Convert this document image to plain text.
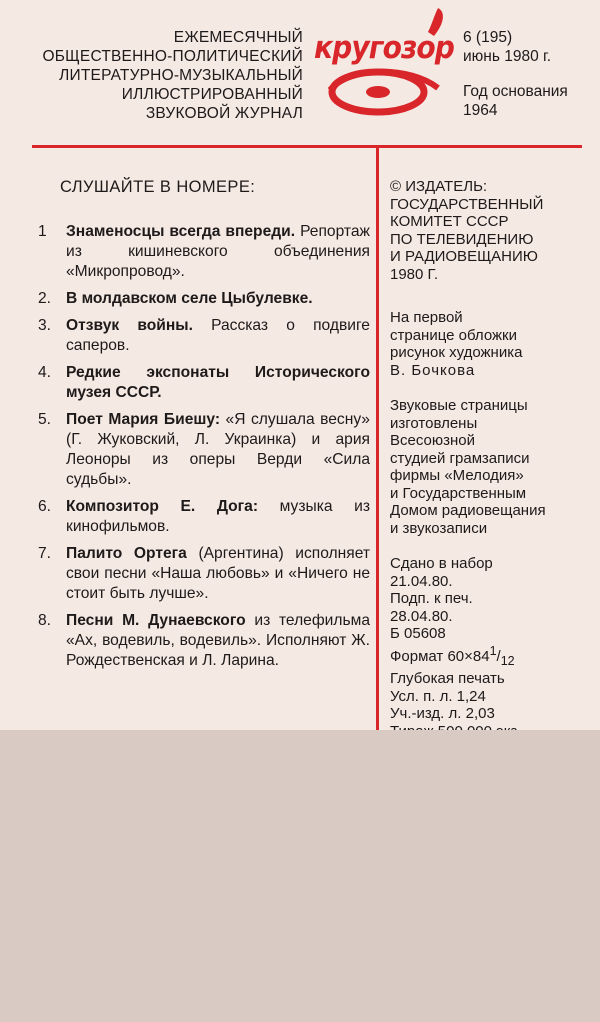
ЕЖЕМЕСЯЧНЫЙ
ОБЩЕСТВЕННО-ПОЛИТИЧЕСКИЙ
ЛИТЕРАТУРНО-МУЗЫКАЛЬНЫЙ
ИЛЛЮСТРИРОВАННЫЙ
ЗВУКОВОЙ ЖУРНАЛ
кругозор 6 (195)
июнь 1980 г.
Год основания
1964
СЛУШАЙТЕ В НОМЕРЕ:
1	Знаменосцы всегда впереди. Репортаж из кишиневского объединения «Микропровод».
2. В молдавском селе Цыбулевке.
3. Отзвук войны. Рассказ о подвиге саперов.
4. Редкие экспонаты Исторического музея СССР.
5. Поет Мария Биешу: «Я слушала весну» (Г. Жуковский, Л. Украинка) и ария Леоноры из оперы Верди «Сила судьбы».
6. Композитор Е. Дога: музыка из кинофильмов.
7. Палито Ортега (Аргентина) исполняет свои песни «Наша любовь» и «Ничего не стоит быть лучше».
8. Песни М. Дунаевского из телефильма «Ах, водевиль, водевиль». Исполняют Ж. Рождественская и Л. Ларина.
© ИЗДАТЕЛЬ:
ГОСУДАРСТВЕННЫЙ
КОМИТЕТ СССР
ПО ТЕЛЕВИДЕНИЮ
И РАДИОВЕЩАНИЮ
1980 Г.
На первой
странице обложки
рисунок художника
В. Бочкова
Звуковые страницы
изготовлены
Всесоюзной
студией грамзаписи
фирмы «Мелодия»
и Государственным
Домом радиовещания
и звукозаписи
Сдано в набор
21.04.80.
Подп. к печ.
28.04.80.
Б 05608
Формат $60\times 84^1/_{12}$
Глубокая печать
Усл. п. л. 1,24
Уч.-изд. л. 2,03
